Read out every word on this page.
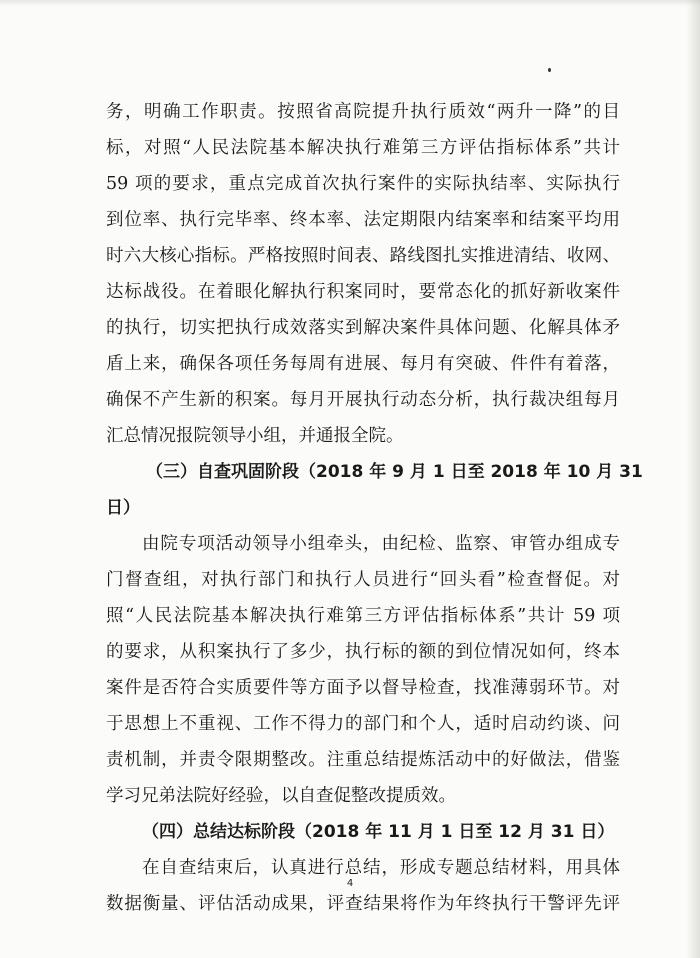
务，明确工作职责。按照省高院提升执行质效“两升一降”的目
标，对照“人民法院基本解决执行难第三方评估指标体系”共计
59 项的要求，重点完成首次执行案件的实际执结率、实际执行
到位率、执行完毕率、终本率、法定期限内结案率和结案平均用
时六大核心指标。严格按照时间表、路线图扎实推进清结、收网、
达标战役。在着眼化解执行积案同时，要常态化的抓好新收案件
的执行，切实把执行成效落实到解决案件具体问题、化解具体矛
盾上来，确保各项任务每周有进展、每月有突破、件件有着落，
确保不产生新的积案。每月开展执行动态分析，执行裁决组每月
汇总情况报院领导小组，并通报全院。
（三）自查巩固阶段（2018 年 9 月 1 日至 2018 年 10 月 31
日）
由院专项活动领导小组牵头，由纪检、监察、审管办组成专
门督查组，对执行部门和执行人员进行“回头看”检查督促。对
照“人民法院基本解决执行难第三方评估指标体系”共计 59 项
的要求，从积案执行了多少，执行标的额的到位情况如何，终本
案件是否符合实质要件等方面予以督导检查，找准薄弱环节。对
于思想上不重视、工作不得力的部门和个人，适时启动约谈、问
责机制，并责令限期整改。注重总结提炼活动中的好做法，借鉴
学习兄弟法院好经验，以自查促整改提质效。
（四）总结达标阶段（2018 年 11 月 1 日至 12 月 31 日）
在自查结束后，认真进行总结，形成专题总结材料，用具体
数据衡量、评估活动成果，评查结果将作为年终执行干警评先评
4
